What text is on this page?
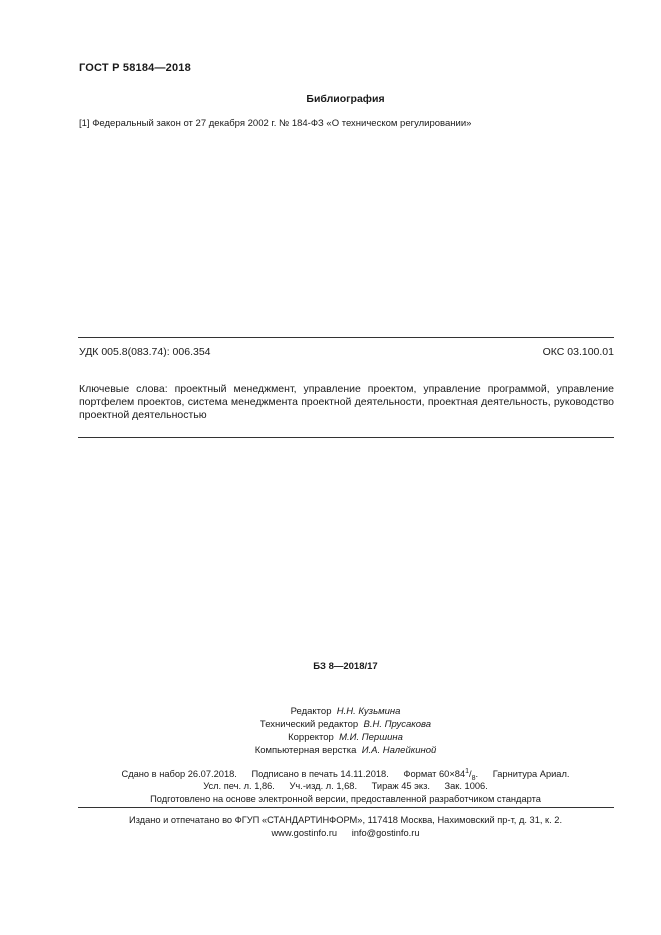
ГОСТ Р 58184—2018
Библиография
[1] Федеральный закон от 27 декабря 2002 г. № 184-ФЗ «О техническом регулировании»
УДК 005.8(083.74): 006.354	ОКС 03.100.01
Ключевые слова: проектный менеджмент, управление проектом, управление программой, управление портфелем проектов, система менеджмента проектной деятельности, проектная деятельность, руководство проектной деятельностью
БЗ 8—2018/17
Редактор Н.Н. Кузьмина
Технический редактор В.Н. Прусакова
Корректор М.И. Першина
Компьютерная верстка И.А. Налейкиной
Сдано в набор 26.07.2018. Подписано в печать 14.11.2018. Формат $60\times 84^1/_8$. Гарнитура Ариал.
Усл. печ. л. 1,86. Уч.-изд. л. 1,68. Тираж 45 экз. Зак. 1006.
Подготовлено на основе электронной версии, предоставленной разработчиком стандарта
Издано и отпечатано во ФГУП «СТАНДАРТИНФОРМ», 117418 Москва, Нахимовский пр-т, д. 31, к. 2.
www.gostinfo.ru info@gostinfo.ru
